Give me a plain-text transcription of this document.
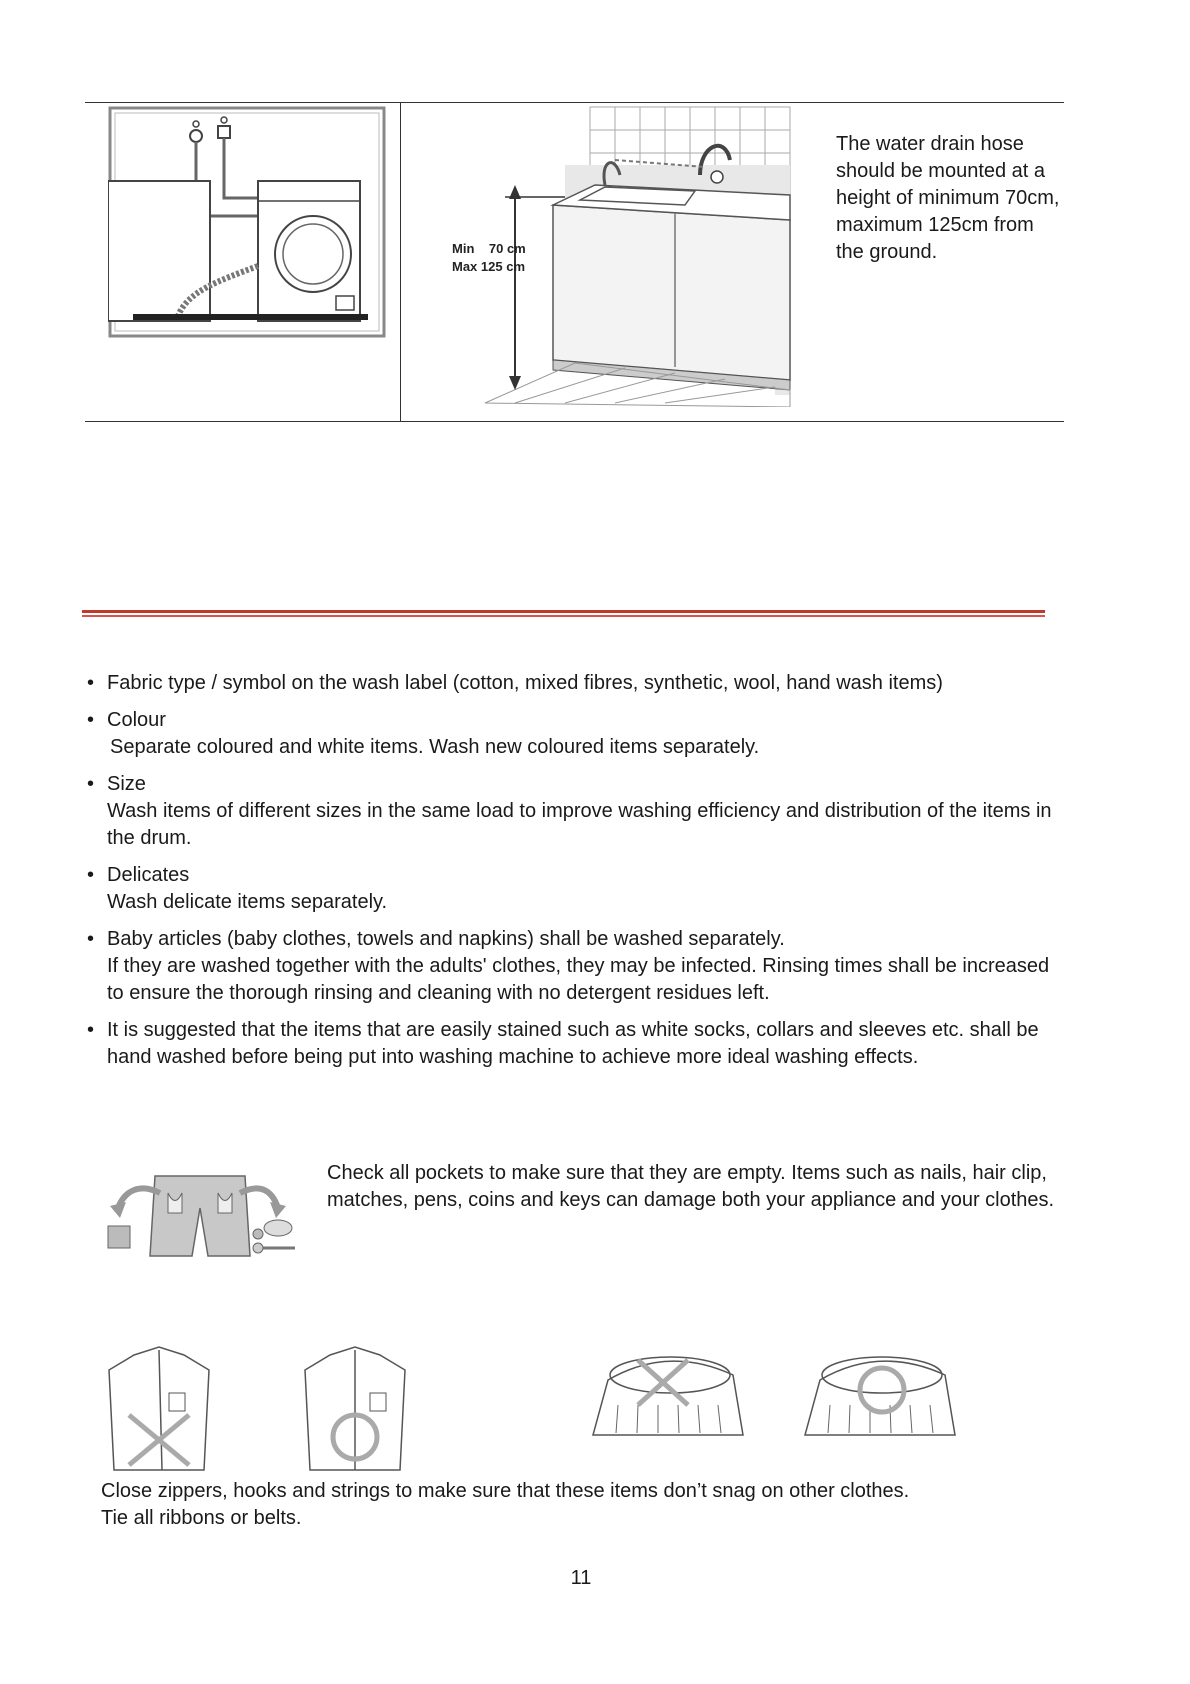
Min 70 cm
Max 125 cm
The water drain hose should be mounted at a height of minimum 70cm, maximum 125cm from the ground.
• Fabric type / symbol on the wash label (cotton, mixed fibres, synthetic, wool, hand wash items)
• Colour
Separate coloured and white items. Wash new coloured items separately.
• Size
Wash items of different sizes in the same load to improve washing efficiency and distribution of the items in the drum.
• Delicates
Wash delicate items separately.
• Baby articles (baby clothes, towels and napkins) shall be washed separately.
If they are washed together with the adults' clothes, they may be infected. Rinsing times shall be increased to ensure the thorough rinsing and cleaning with no detergent residues left.
• It is suggested that the items that are easily stained such as white socks, collars and sleeves etc. shall be hand washed before being put into washing machine to achieve more ideal washing effects.
Check all pockets to make sure that they are empty. Items such as nails, hair clip, matches, pens, coins and keys can damage both your appliance and your clothes.
Close zippers, hooks and strings to make sure that these items don’t snag on other clothes.
Tie all ribbons or belts.
11
